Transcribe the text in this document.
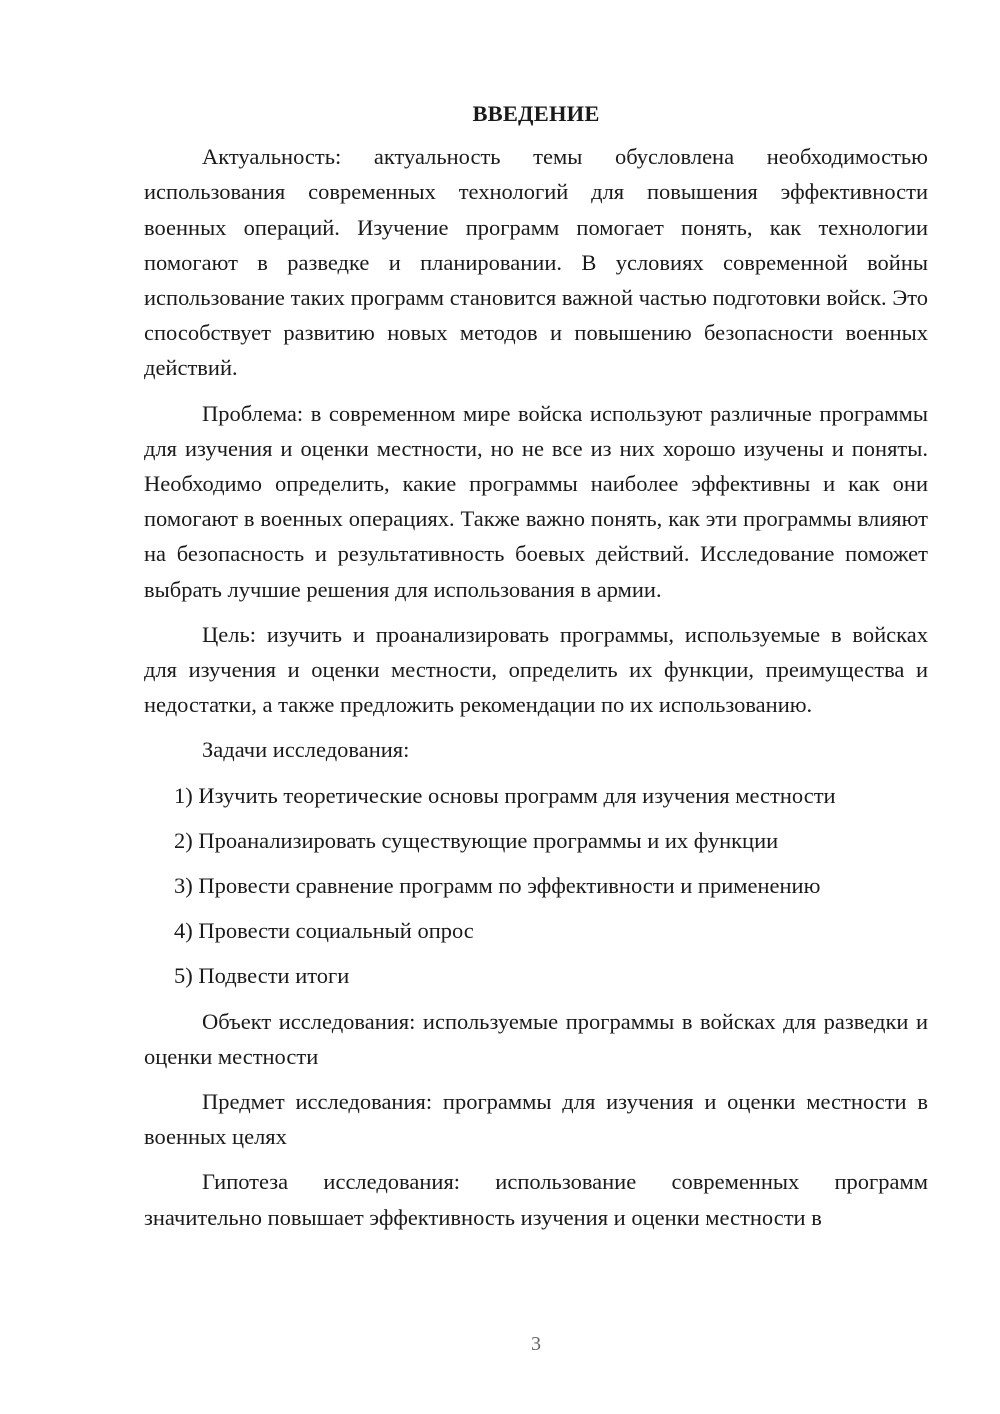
ВВЕДЕНИЕ

Актуальность: актуальность темы обусловлена необходимостью использования современных технологий для повышения эффективности военных операций. Изучение программ помогает понять, как технологии помогают в разведке и планировании. В условиях современной войны использование таких программ становится важной частью подготовки войск. Это способствует развитию новых методов и повышению безопасности военных действий.

Проблема: в современном мире войска используют различные программы для изучения и оценки местности, но не все из них хорошо изучены и поняты. Необходимо определить, какие программы наиболее эффективны и как они помогают в военных операциях. Также важно понять, как эти программы влияют на безопасность и результативность боевых действий. Исследование поможет выбрать лучшие решения для использования в армии.

Цель: изучить и проанализировать программы, используемые в войсках для изучения и оценки местности, определить их функции, преимущества и недостатки, а также предложить рекомендации по их использованию.

Задачи исследования:

1) Изучить теоретические основы программ для изучения местности
2) Проанализировать существующие программы и их функции
3) Провести сравнение программ по эффективности и применению
4) Провести социальный опрос
5) Подвести итоги

Объект исследования: используемые программы в войсках для разведки и оценки местности

Предмет исследования: программы для изучения и оценки местности в военных целях

Гипотеза исследования: использование современных программ значительно повышает эффективность изучения и оценки местности в

3
